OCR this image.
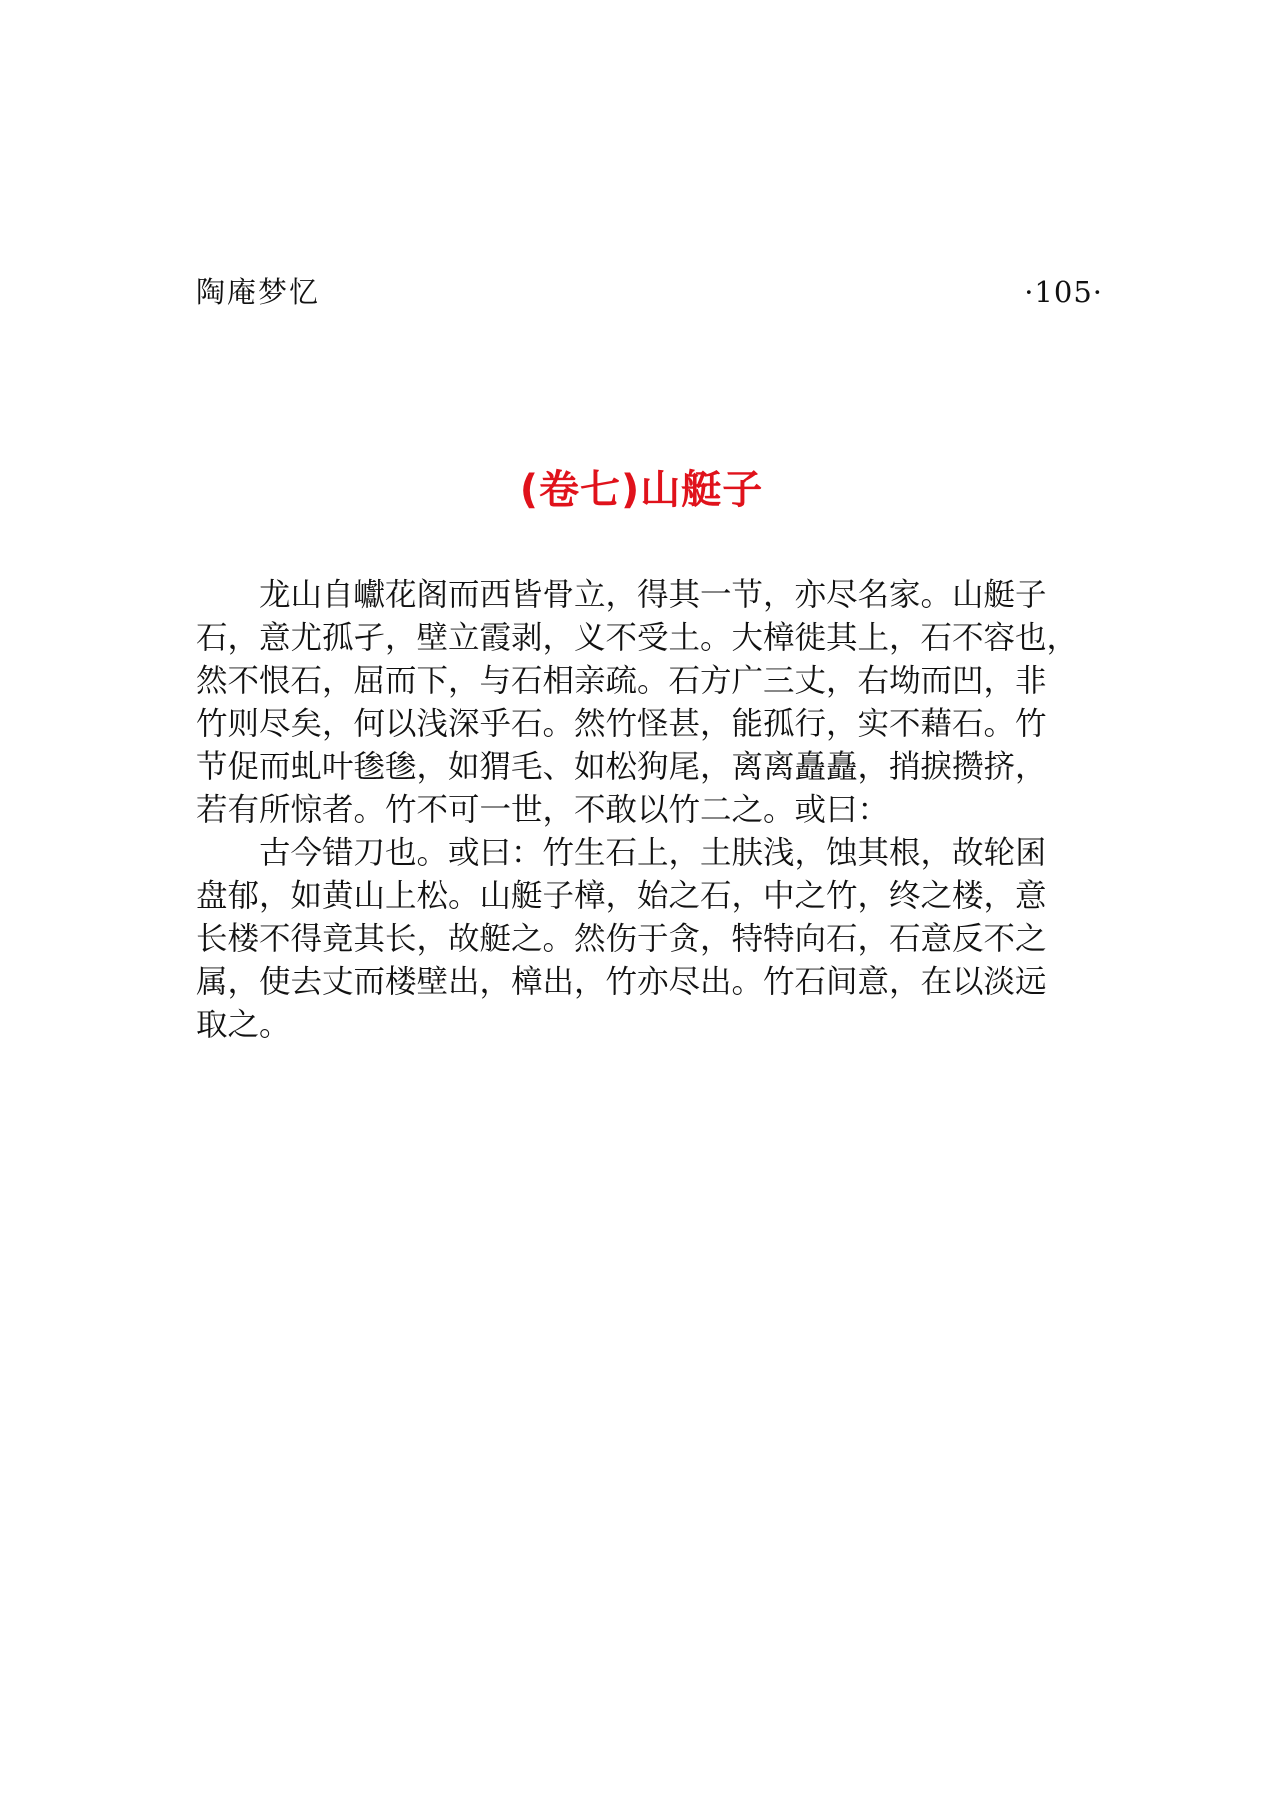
陶庵梦忆	·105·
(卷七)山艇子

龙山自巘花阁而西皆骨立，得其一节，亦尽名家。山艇子
石，意尤孤孑，壁立霞剥，义不受土。大樟徙其上，石不容也，
然不恨石，屈而下，与石相亲疏。石方广三丈，右坳而凹，非
竹则尽矣，何以浅深乎石。然竹怪甚，能孤行，实不藉石。竹
节促而虬叶毶毶，如猬毛、如松狗尾，离离矗矗，捎捩攒挤，
若有所惊者。竹不可一世，不敢以竹二之。或曰：

古今错刀也。或曰：竹生石上，土肤浅，蚀其根，故轮囷
盘郁，如黄山上松。山艇子樟，始之石，中之竹，终之楼，意
长楼不得竟其长，故艇之。然伤于贪，特特向石，石意反不之
属，使去丈而楼壁出，樟出，竹亦尽出。竹石间意，在以淡远
取之。
